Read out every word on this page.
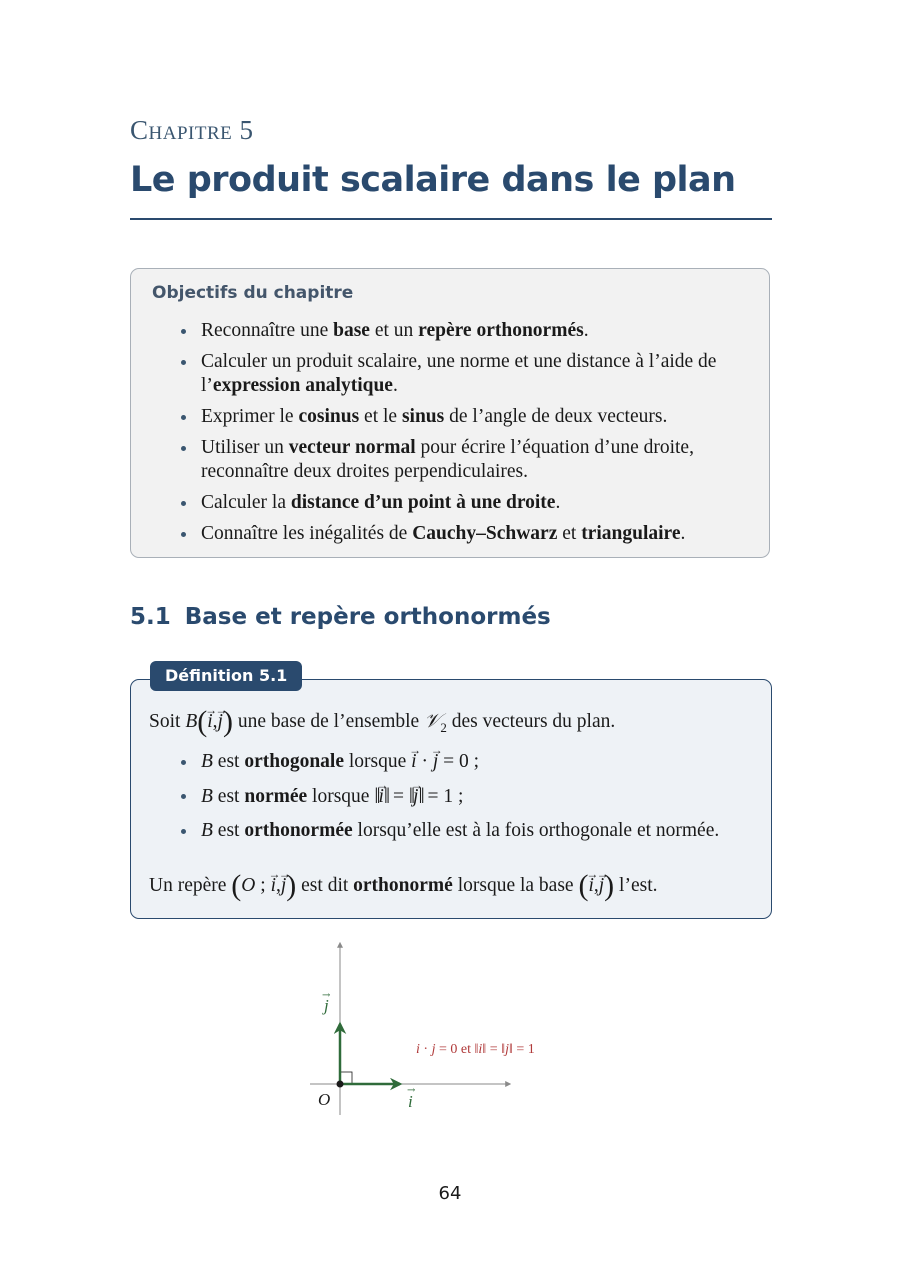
Chapitre 5
Le produit scalaire dans le plan
Objectifs du chapitre
Reconnaître une base et un repère orthonormés.
Calculer un produit scalaire, une norme et une distance à l’aide de l’expression analytique.
Exprimer le cosinus et le sinus de l’angle de deux vecteurs.
Utiliser un vecteur normal pour écrire l’équation d’une droite, reconnaître deux droites perpendiculaires.
Calculer la distance d’un point à une droite.
Connaître les inégalités de Cauchy–Schwarz et triangulaire.
5.1 Base et repère orthonormés
Définition 5.1
Soit B(i →,j →) une base de l’ensemble 𝒱$_2$ des vecteurs du plan.
B est orthogonale lorsque i → · j → = 0 ;
B est normée lorsque ‖i →‖ = ‖j →‖ = 1 ;
B est orthonormée lorsqu’elle est à la fois orthogonale et normée.
Un repère (O ; i →,j →) est dit orthonormé lorsque la base (i →,j →) l’est.
O	i
→
j
→
i · j = 0 et ‖i‖ = ‖j‖ = 1
64
